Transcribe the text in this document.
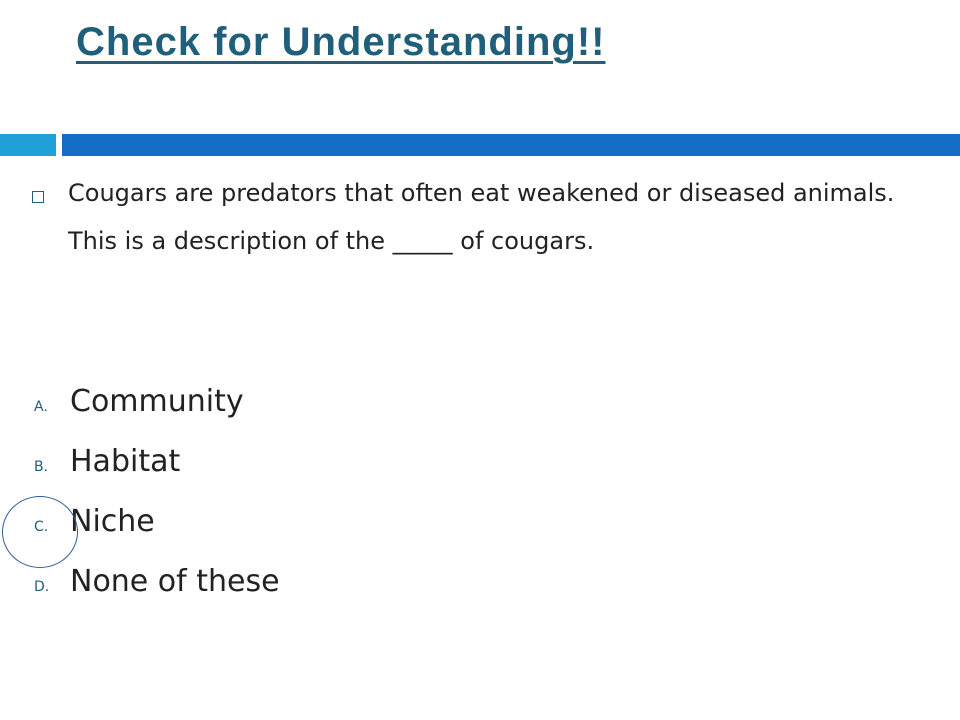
Check for Understanding!!
Cougars are predators that often eat weakened or diseased animals. This is a description of the _____ of cougars.
A. Community
B. Habitat
C. Niche
D. None of these
